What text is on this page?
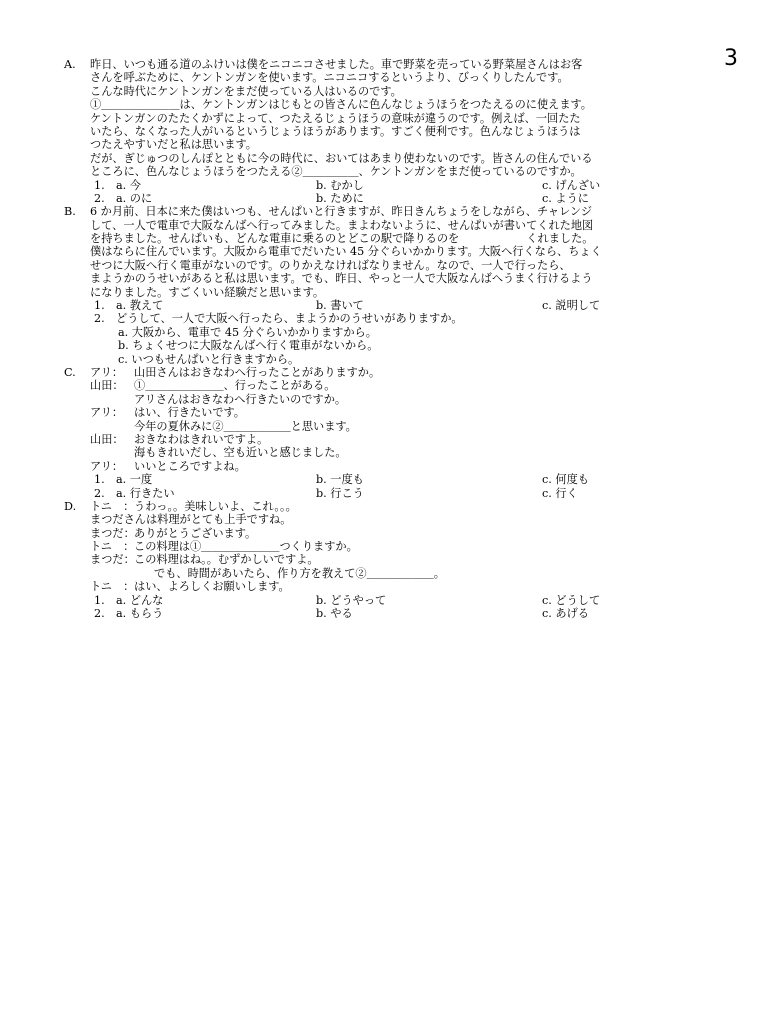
3
A. 昨日、いつも通る道のふけいは僕をニコニコさせました。車で野菜を売っている野菜屋さんはお客
さんを呼ぶために、ケントンガンを使います。ニコニコするというより、びっくりしたんです。
こんな時代にケントンガンをまだ使っている人はいるのです。
①＿＿＿＿＿＿＿は、ケントンガンはじもとの皆さんに色んなじょうほうをつたえるのに使えます。
ケントンガンのたたくかずによって、つたえるじょうほうの意味が違うのです。例えば、一回たた
いたら、なくなった人がいるというじょうほうがあります。すごく便利です。色んなじょうほうは
つたえやすいだと私は思います。
だが、ぎじゅつのしんぽとともに今の時代に、おいてはあまり使わないのです。皆さんの住んでいる
ところに、色んなじょうほうをつたえる②＿＿＿＿＿、ケントンガンをまだ使っているのですか。
1. a. 今	b. むかし	c. げんざい
2. a. のに	b. ために	c. ように
B. 6 か月前、日本に来た僕はいつも、せんぱいと行きますが、昨日きんちょうをしながら、チャレンジ
して、一人で電車で大阪なんばへ行ってみました。まよわないように、せんぱいが書いてくれた地図
を持ちました。せんぱいも、どんな電車に乗るのとどこの駅で降りるのを　　　　　　くれました。
僕はならに住んでいます。大阪から電車でだいたい 45 分ぐらいかかります。大阪へ行くなら、ちょく
せつに大阪へ行く電車がないのです。のりかえなければなりません。なので、一人で行ったら、
まようかのうせいがあると私は思います。でも、昨日、やっと一人で大阪なんばへうまく行けるよう
になりました。すごくいい経験だと思います。
1. a. 教えて	b. 書いて	c. 説明して
2. どうして、一人で大阪へ行ったら、まようかのうせいがありますか。
a. 大阪から、電車で 45 分ぐらいかかりますから。
b. ちょくせつに大阪なんばへ行く電車がないから。
c. いつもせんぱいと行きますから。
C. アリ： 山田さんはおきなわへ行ったことがありますか。
山田： ①＿＿＿＿＿＿＿、行ったことがある。
アリさんはおきなわへ行きたいのですか。
アリ： はい、行きたいです。
今年の夏休みに②＿＿＿＿＿＿と思います。
山田： おきなわはきれいですよ。
海もきれいだし、空も近いと感じました。
アリ： いいところですよね。
1. a. 一度	b. 一度も	c. 何度も
2. a. 行きたい	b. 行こう	c. 行く
D. トニ　： うわっ。。美味しいよ、これ。。。
まつださんは料理がとても上手ですね。
まつだ： ありがとうございます。
トニ　： この料理は①＿＿＿＿＿＿＿つくりますか。
まつだ： この料理はね。。むずかしいですよ。
でも、時間があいたら、作り方を教えて②＿＿＿＿＿＿。
トニ　： はい、よろしくお願いします。
1. a. どんな	b. どうやって	c. どうして
2. a. もらう	b. やる	c. あげる
